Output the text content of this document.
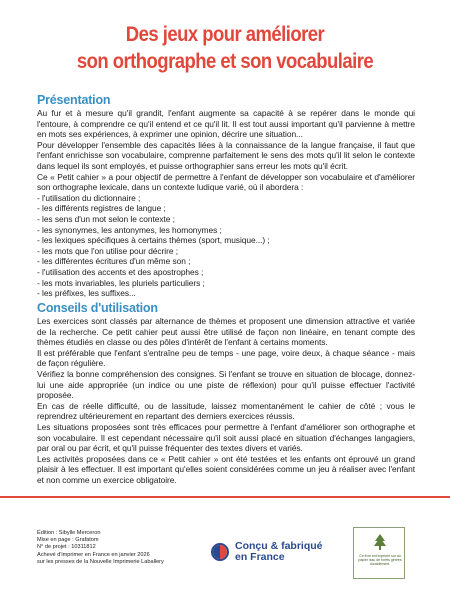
Des jeux pour améliorer
son orthographe et son vocabulaire
Présentation

Au fur et à mesure qu'il grandit, l'enfant augmente sa capacité à se repérer dans le monde qui l'entoure, à comprendre ce qu'il entend et ce qu'il lit. Il est tout aussi important qu'il parvienne à mettre en mots ses expériences, à exprimer une opinion, décrire une situation...

Pour développer l'ensemble des capacités liées à la connaissance de la langue française, il faut que l'enfant enrichisse son vocabulaire, comprenne parfaitement le sens des mots qu'il lit selon le contexte dans lequel ils sont employés, et puisse orthographier sans erreur les mots qu'il écrit.

Ce « Petit cahier » a pour objectif de permettre à l'enfant de développer son vocabulaire et d'améliorer son orthographe lexicale, dans un contexte ludique varié, où il abordera :

- l'utilisation du dictionnaire ;
- les différents registres de langue ;
- les sens d'un mot selon le contexte ;
- les synonymes, les antonymes, les homonymes ;
- les lexiques spécifiques à certains thèmes (sport, musique...) ;
- les mots que l'on utilise pour décrire ;
- les différentes écritures d'un même son ;
- l'utilisation des accents et des apostrophes ;
- les mots invariables, les pluriels particuliers ;
- les préfixes, les suffixes...
Conseils d'utilisation

Les exercices sont classés par alternance de thèmes et proposent une dimension attractive et variée de la recherche. Ce petit cahier peut aussi être utilisé de façon non linéaire, en tenant compte des thèmes étudiés en classe ou des pôles d'intérêt de l'enfant à certains moments.

Il est préférable que l'enfant s'entraîne peu de temps - une page, voire deux, à chaque séance - mais de façon régulière.

Vérifiez la bonne compréhension des consignes. Si l'enfant se trouve en situation de blocage, donnez-lui une aide appropriée (un indice ou une piste de réflexion) pour qu'il puisse effectuer l'activité proposée.

En cas de réelle difficulté, ou de lassitude, laissez momentanément le cahier de côté ; vous le reprendrez ultérieurement en repartant des derniers exercices réussis.

Les situations proposées sont très efficaces pour permettre à l'enfant d'améliorer son orthographe et son vocabulaire. Il est cependant nécessaire qu'il soit aussi placé en situation d'échanges langagiers, par oral ou par écrit, et qu'il puisse fréquenter des textes divers et variés.

Les activités proposées dans ce « Petit cahier » ont été testées et les enfants ont éprouvé un grand plaisir à les effectuer. Il est important qu'elles soient considérées comme un jeu à réaliser avec l'enfant et non comme un exercice obligatoire.

Édition : Sibylle Merceron
Mise en page : Grafatom
N° de projet : 10311812
Achevé d'imprimer en France en janvier 2026
sur les presses de la Nouvelle Imprimerie Laballery
Conçu & fabriqué
en France	Ce livre est imprimé sur du papier issu de forêts gérées durablement.
